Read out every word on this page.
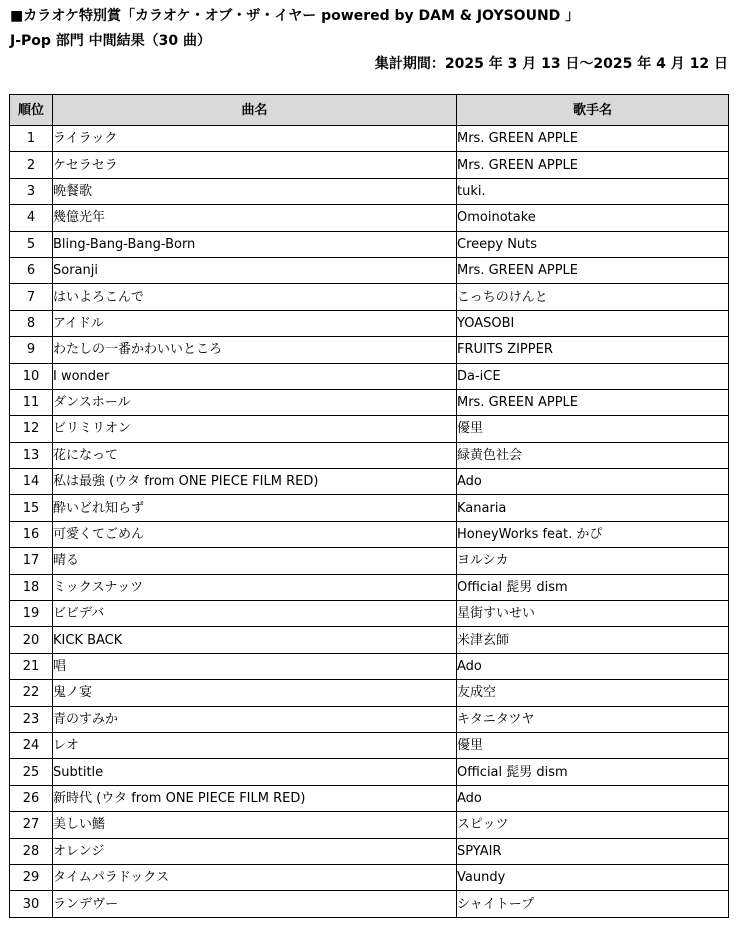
■カラオケ特別賞「カラオケ・オブ・ザ・イヤー powered by DAM & JOYSOUND 」
J-Pop 部門 中間結果（30 曲）
集計期間：2025 年 3 月 13 日～2025 年 4 月 12 日
順位	曲名	歌手名
1	ライラック	Mrs. GREEN APPLE
2	ケセラセラ	Mrs. GREEN APPLE
3	晩餐歌	tuki.
4	幾億光年	Omoinotake
5	Bling-Bang-Bang-Born	Creepy Nuts
6	Soranji	Mrs. GREEN APPLE
7	はいよろこんで	こっちのけんと
8	アイドル	YOASOBI
9	わたしの一番かわいいところ	FRUITS ZIPPER
10	I wonder	Da-iCE
11	ダンスホール	Mrs. GREEN APPLE
12	ビリミリオン	優里
13	花になって	緑黄色社会
14	私は最強 (ウタ from ONE PIECE FILM RED)	Ado
15	酔いどれ知らず	Kanaria
16	可愛くてごめん	HoneyWorks feat. かぴ
17	晴る	ヨルシカ
18	ミックスナッツ	Official 髭男 dism
19	ビビデバ	星街すいせい
20	KICK BACK	米津玄師
21	唱	Ado
22	鬼ノ宴	友成空
23	青のすみか	キタニタツヤ
24	レオ	優里
25	Subtitle	Official 髭男 dism
26	新時代 (ウタ from ONE PIECE FILM RED)	Ado
27	美しい鰭	スピッツ
28	オレンジ	SPYAIR
29	タイムパラドックス	Vaundy
30	ランデヴー	シャイトープ
